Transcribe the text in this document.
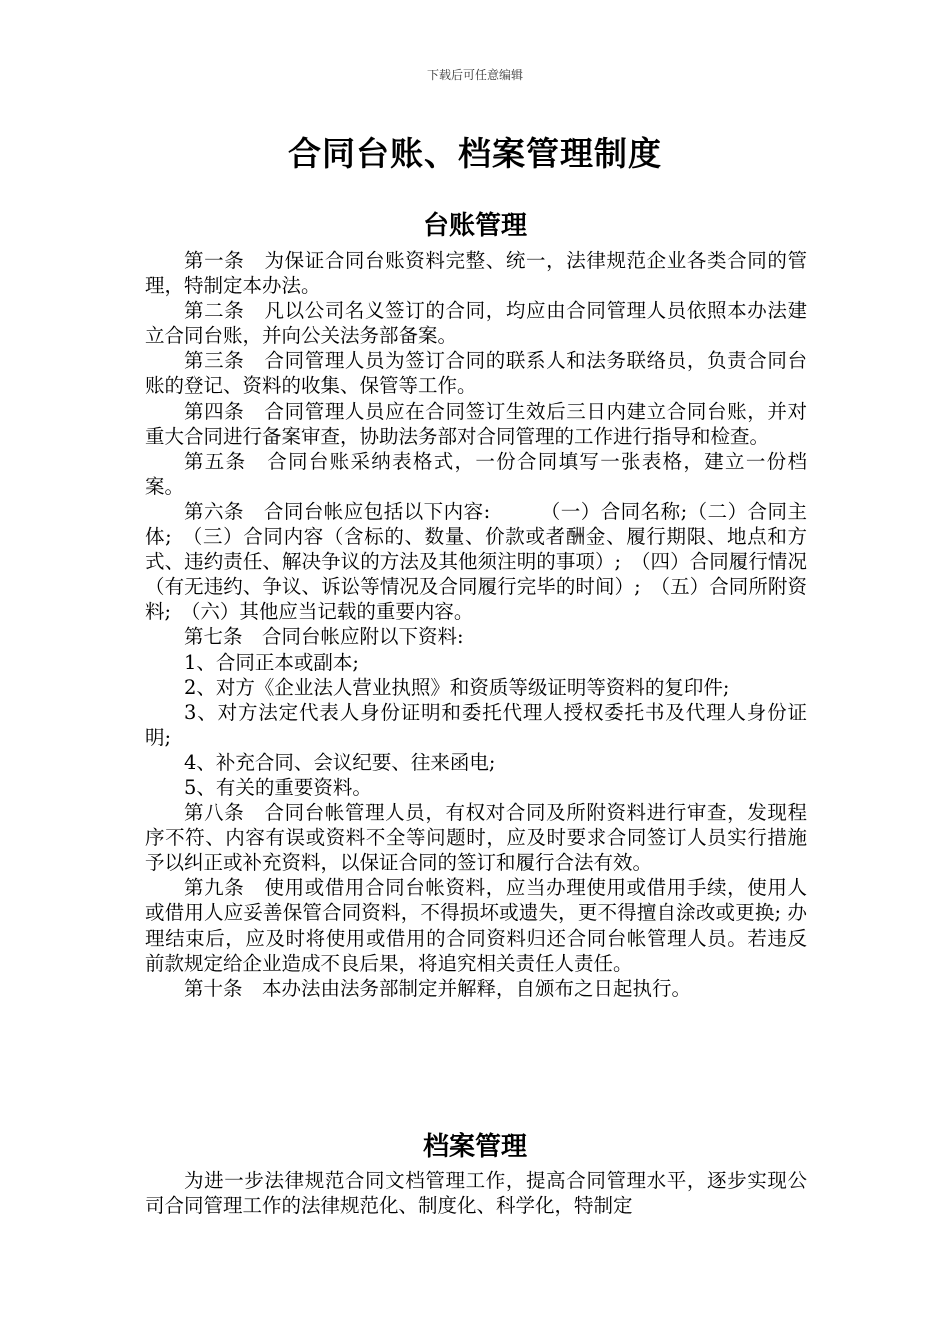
下载后可任意编辑
合同台账、档案管理制度
台账管理

第一条　为保证合同台账资料完整、统一，法律规范企业各类合同的管理，特制定本办法。

第二条　凡以公司名义签订的合同，均应由合同管理人员依照本办法建立合同台账，并向公关法务部备案。

第三条　合同管理人员为签订合同的联系人和法务联络员，负责合同台账的登记、资料的收集、保管等工作。

第四条　合同管理人员应在合同签订生效后三日内建立合同台账，并对重大合同进行备案审查，协助法务部对合同管理的工作进行指导和检查。

第五条　合同台账采纳表格式，一份合同填写一张表格，建立一份档案。

第六条　合同台帐应包括以下内容:　　　（一）合同名称;（二）合同主体;　（三）合同内容（含标的、数量、价款或者酬金、履行期限、地点和方式、违约责任、解决争议的方法及其他须注明的事项）;　（四）合同履行情况（有无违约、争议、诉讼等情况及合同履行完毕的时间）;　（五）合同所附资料;　（六）其他应当记载的重要内容。

第七条　合同台帐应附以下资料:

1、合同正本或副本;

2、对方《企业法人营业执照》和资质等级证明等资料的复印件;

3、对方法定代表人身份证明和委托代理人授权委托书及代理人身份证明;

4、补充合同、会议纪要、往来函电;

5、有关的重要资料。

第八条　合同台帐管理人员，有权对合同及所附资料进行审查，发现程序不符、内容有误或资料不全等问题时，应及时要求合同签订人员实行措施予以纠正或补充资料，以保证合同的签订和履行合法有效。

第九条　使用或借用合同台帐资料，应当办理使用或借用手续，使用人或借用人应妥善保管合同资料，不得损坏或遗失，更不得擅自涂改或更换; 办理结束后，应及时将使用或借用的合同资料归还合同台帐管理人员。若违反前款规定给企业造成不良后果，将追究相关责任人责任。

第十条　本办法由法务部制定并解释，自颁布之日起执行。

档案管理

为进一步法律规范合同文档管理工作，提高合同管理水平，逐步实现公司合同管理工作的法律规范化、制度化、科学化，特制定
